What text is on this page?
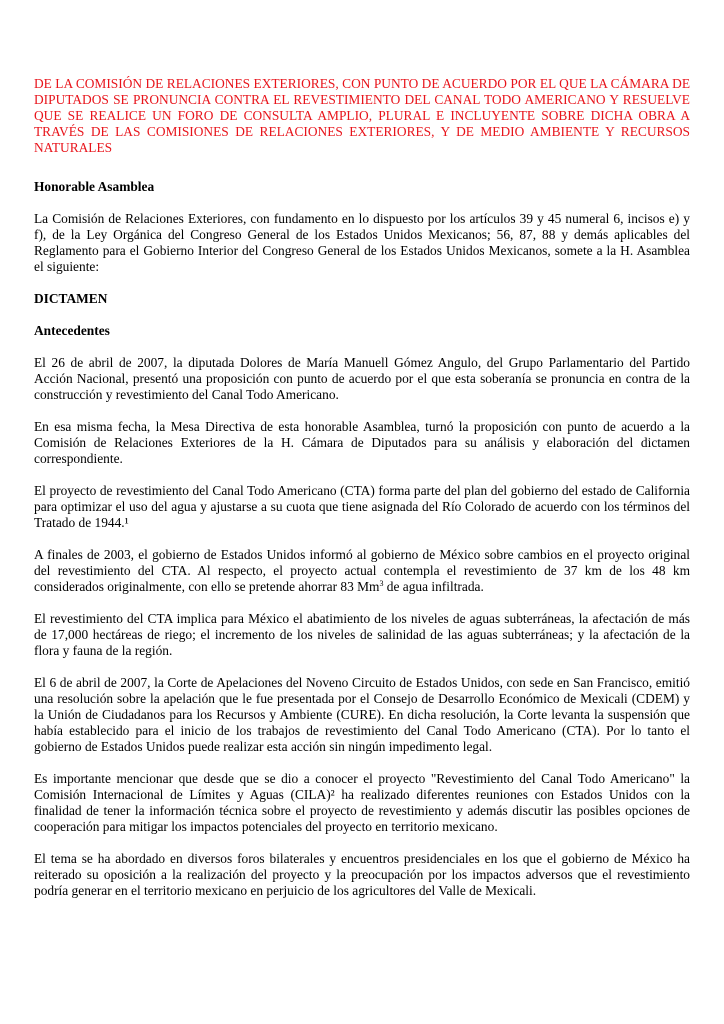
DE LA COMISIÓN DE RELACIONES EXTERIORES, CON PUNTO DE ACUERDO POR EL QUE LA CÁMARA DE DIPUTADOS SE PRONUNCIA CONTRA EL REVESTIMIENTO DEL CANAL TODO AMERICANO Y RESUELVE QUE SE REALICE UN FORO DE CONSULTA AMPLIO, PLURAL E INCLUYENTE SOBRE DICHA OBRA A TRAVÉS DE LAS COMISIONES DE RELACIONES EXTERIORES, Y DE MEDIO AMBIENTE Y RECURSOS NATURALES

Honorable Asamblea

La Comisión de Relaciones Exteriores, con fundamento en lo dispuesto por los artículos 39 y 45 numeral 6, incisos e) y f), de la Ley Orgánica del Congreso General de los Estados Unidos Mexicanos; 56, 87, 88 y demás aplicables del Reglamento para el Gobierno Interior del Congreso General de los Estados Unidos Mexicanos, somete a la H. Asamblea el siguiente:

DICTAMEN

Antecedentes

El 26 de abril de 2007, la diputada Dolores de María Manuell Gómez Angulo, del Grupo Parlamentario del Partido Acción Nacional, presentó una proposición con punto de acuerdo por el que esta soberanía se pronuncia en contra de la construcción y revestimiento del Canal Todo Americano.

En esa misma fecha, la Mesa Directiva de esta honorable Asamblea, turnó la proposición con punto de acuerdo a la Comisión de Relaciones Exteriores de la H. Cámara de Diputados para su análisis y elaboración del dictamen correspondiente.

El proyecto de revestimiento del Canal Todo Americano (CTA) forma parte del plan del gobierno del estado de California para optimizar el uso del agua y ajustarse a su cuota que tiene asignada del Río Colorado de acuerdo con los términos del Tratado de 1944.¹

A finales de 2003, el gobierno de Estados Unidos informó al gobierno de México sobre cambios en el proyecto original del revestimiento del CTA. Al respecto, el proyecto actual contempla el revestimiento de 37 km de los 48 km considerados originalmente, con ello se pretende ahorrar 83 Mm$^3$ de agua infiltrada.

El revestimiento del CTA implica para México el abatimiento de los niveles de aguas subterráneas, la afectación de más de 17,000 hectáreas de riego; el incremento de los niveles de salinidad de las aguas subterráneas; y la afectación de la flora y fauna de la región.

El 6 de abril de 2007, la Corte de Apelaciones del Noveno Circuito de Estados Unidos, con sede en San Francisco, emitió una resolución sobre la apelación que le fue presentada por el Consejo de Desarrollo Económico de Mexicali (CDEM) y la Unión de Ciudadanos para los Recursos y Ambiente (CURE). En dicha resolución, la Corte levanta la suspensión que había establecido para el inicio de los trabajos de revestimiento del Canal Todo Americano (CTA). Por lo tanto el gobierno de Estados Unidos puede realizar esta acción sin ningún impedimento legal.

Es importante mencionar que desde que se dio a conocer el proyecto "Revestimiento del Canal Todo Americano" la Comisión Internacional de Límites y Aguas (CILA)² ha realizado diferentes reuniones con Estados Unidos con la finalidad de tener la información técnica sobre el proyecto de revestimiento y además discutir las posibles opciones de cooperación para mitigar los impactos potenciales del proyecto en territorio mexicano.

El tema se ha abordado en diversos foros bilaterales y encuentros presidenciales en los que el gobierno de México ha reiterado su oposición a la realización del proyecto y la preocupación por los impactos adversos que el revestimiento podría generar en el territorio mexicano en perjuicio de los agricultores del Valle de Mexicali.
